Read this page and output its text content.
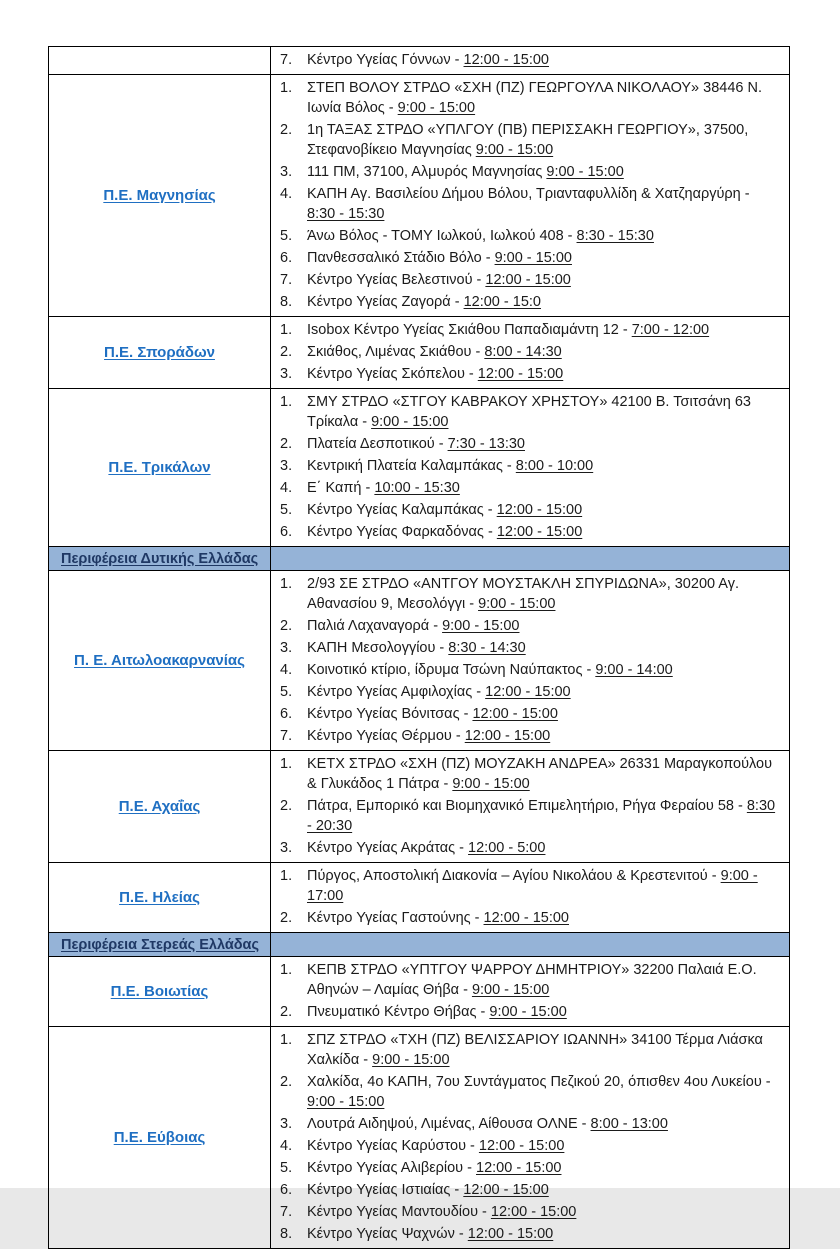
7.	Κέντρο Υγείας Γόννων - 12:00 - 15:00
Π.Ε. Μαγνησίας
1.	ΣΤΕΠ ΒΟΛΟΥ ΣΤΡΔΟ «ΣΧΗ (ΠΖ) ΓΕΩΡΓΟΥΛΑ ΝΙΚΟΛΑΟΥ» 38446 Ν. Ιωνία Βόλος - 9:00 - 15:00
2.	1η ΤΑΞΑΣ ΣΤΡΔΟ «ΥΠΛΓΟΥ (ΠΒ) ΠΕΡΙΣΣΑΚΗ ΓΕΩΡΓΙΟΥ», 37500, Στεφανοβίκειο Μαγνησίας 9:00 - 15:00
3.	111 ΠΜ, 37100, Αλμυρός Μαγνησίας 9:00 - 15:00
4.	ΚΑΠΗ Αγ. Βασιλείου Δήμου Βόλου, Τριανταφυλλίδη & Χατζηαργύρη - 8:30 - 15:30
5.	Άνω Βόλος - ΤΟΜΥ Ιωλκού, Ιωλκού 408 - 8:30 - 15:30
6.	Πανθεσσαλικό Στάδιο Βόλο - 9:00 - 15:00
7.	Κέντρο Υγείας Βελεστινού - 12:00 - 15:00
8.	Κέντρο Υγείας Ζαγορά - 12:00 - 15:0
Π.Ε. Σποράδων
1.	Isobox Κέντρο Υγείας Σκιάθου Παπαδιαμάντη 12 - 7:00 - 12:00
2.	Σκιάθος, Λιμένας Σκιάθου - 8:00 - 14:30
3.	Κέντρο Υγείας Σκόπελου - 12:00 - 15:00
Π.Ε. Τρικάλων
1.	ΣΜΥ ΣΤΡΔΟ «ΣΤΓΟΥ ΚΑΒΡΑΚΟΥ ΧΡΗΣΤΟΥ» 42100 Β. Τσιτσάνη 63 Τρίκαλα - 9:00 - 15:00
2.	Πλατεία Δεσποτικού - 7:30 - 13:30
3.	Κεντρική Πλατεία Καλαμπάκας - 8:00 - 10:00
4.	Ε΄ Καπή - 10:00 - 15:30
5.	Κέντρο Υγείας Καλαμπάκας - 12:00 - 15:00
6.	Κέντρο Υγείας Φαρκαδόνας - 12:00 - 15:00
Περιφέρεια Δυτικής Ελλάδας
Π. Ε. Αιτωλοακαρνανίας
1.	2/93 ΣΕ ΣΤΡΔΟ «ΑΝΤΓΟΥ ΜΟΥΣΤΑΚΛΗ ΣΠΥΡΙΔΩΝΑ», 30200 Αγ. Αθανασίου 9, Μεσολόγγι - 9:00 - 15:00
2.	Παλιά Λαχαναγορά - 9:00 - 15:00
3.	ΚΑΠΗ Μεσολογγίου - 8:30 - 14:30
4.	Κοινοτικό κτίριο, ίδρυμα Τσώνη Ναύπακτος - 9:00 - 14:00
5.	Κέντρο Υγείας Αμφιλοχίας - 12:00 - 15:00
6.	Κέντρο Υγείας Βόνιτσας - 12:00 - 15:00
7.	Κέντρο Υγείας Θέρμου - 12:00 - 15:00
Π.Ε. Αχαΐας
1.	ΚΕΤΧ ΣΤΡΔΟ «ΣΧΗ (ΠΖ) ΜΟΥΖΑΚΗ ΑΝΔΡΕΑ» 26331 Μαραγκοπούλου & Γλυκάδος 1 Πάτρα - 9:00 - 15:00
2.	Πάτρα, Εμπορικό και Βιομηχανικό Επιμελητήριο, Ρήγα Φεραίου 58 - 8:30 - 20:30
3.	Κέντρο Υγείας Ακράτας - 12:00 - 5:00
Π.Ε. Ηλείας
1.	Πύργος, Αποστολική Διακονία – Αγίου Νικολάου & Κρεστενιτού - 9:00 - 17:00
2.	Κέντρο Υγείας Γαστούνης - 12:00 - 15:00
Περιφέρεια Στερεάς Ελλάδας
Π.Ε. Βοιωτίας
1.	ΚΕΠΒ ΣΤΡΔΟ «ΥΠΤΓΟΥ ΨΑΡΡΟΥ ΔΗΜΗΤΡΙΟΥ» 32200 Παλαιά Ε.Ο. Αθηνών – Λαμίας Θήβα - 9:00 - 15:00
2.	Πνευματικό Κέντρο Θήβας - 9:00 - 15:00
Π.Ε. Εύβοιας
1.	ΣΠΖ ΣΤΡΔΟ «ΤΧΗ (ΠΖ) ΒΕΛΙΣΣΑΡΙΟΥ ΙΩΑΝΝΗ» 34100 Τέρμα Λιάσκα Χαλκίδα - 9:00 - 15:00
2.	Χαλκίδα, 4ο ΚΑΠΗ, 7ου Συντάγματος Πεζικού 20, όπισθεν 4ου Λυκείου - 9:00 - 15:00
3.	Λουτρά Αιδηψού, Λιμένας, Αίθουσα ΟΛΝΕ - 8:00 - 13:00
4.	Κέντρο Υγείας Καρύστου - 12:00 - 15:00
5.	Κέντρο Υγείας Αλιβερίου - 12:00 - 15:00
6.	Κέντρο Υγείας Ιστιαίας - 12:00 - 15:00
7.	Κέντρο Υγείας Μαντουδίου - 12:00 - 15:00
8.	Κέντρο Υγείας Ψαχνών - 12:00 - 15:00
